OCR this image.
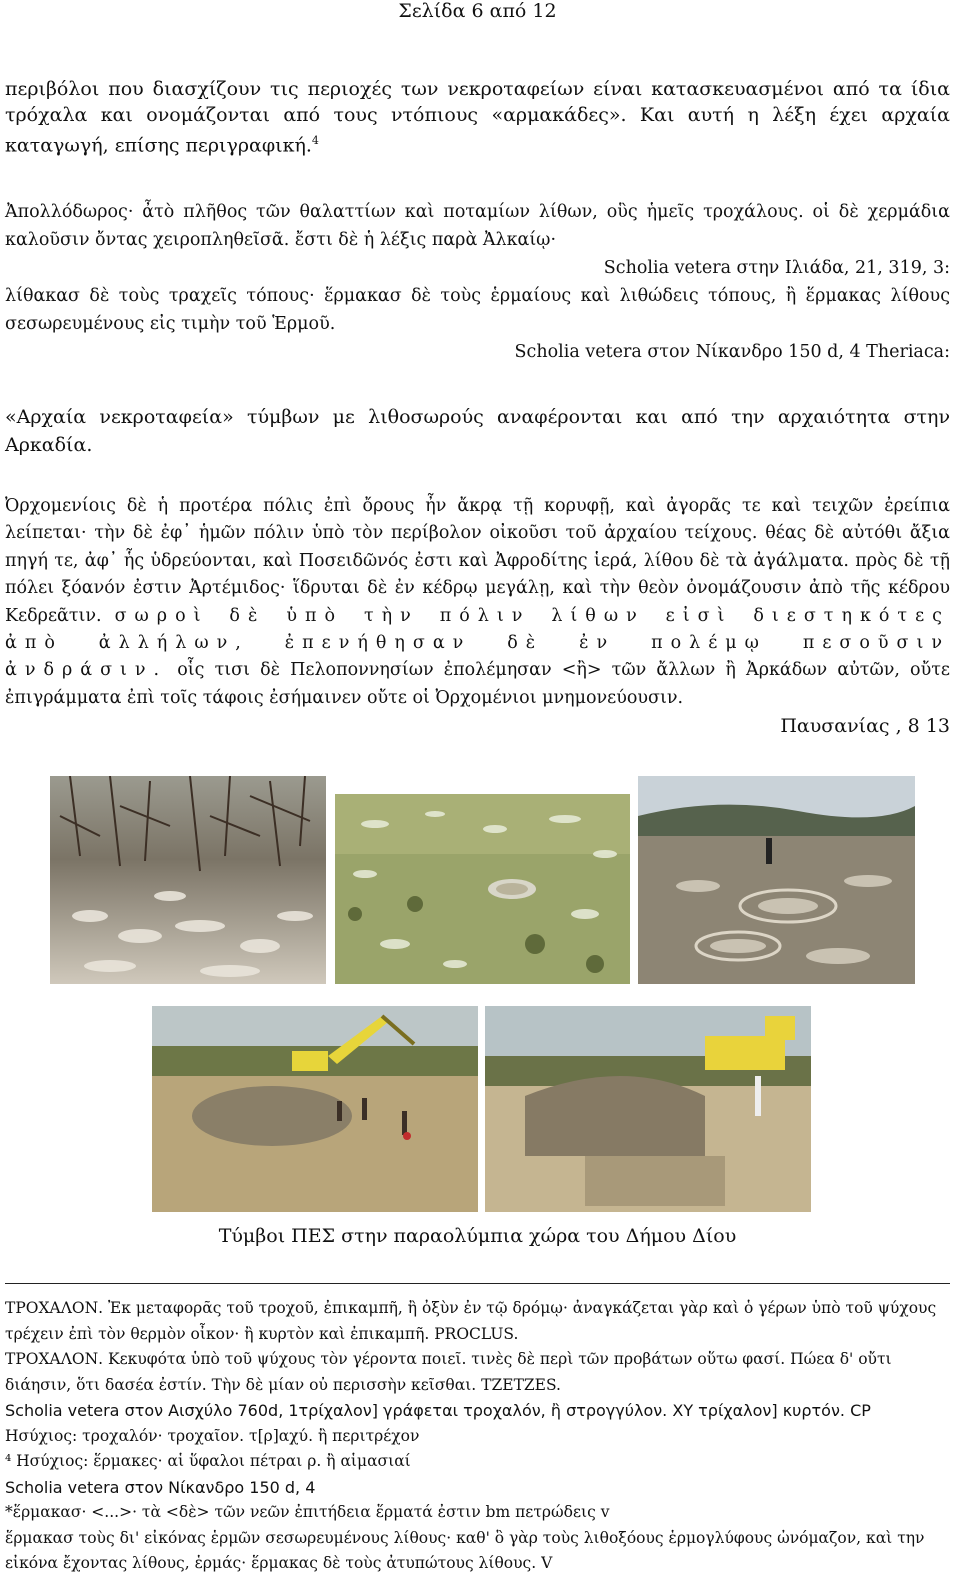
Σελίδα 6 από 12

περιβόλοι που διασχίζουν τις περιοχές των νεκροταφείων είναι κατασκευασμένοι από τα ίδια τρόχαλα και ονομάζονται από τους ντόπιους «αρμακάδες». Και αυτή η λέξη έχει αρχαία καταγωγή, επίσης περιγραφική.$^4$

Ἀπολλόδωρος· ἆτὸ πλῆθος τῶν θαλαττίων καὶ ποταμίων λίθων, οὓς ἡμεῖς τροχάλους. οἱ δὲ χερμάδια καλοῦσιν ὄντας χειροπληθεῖσᾶ. ἔστι δὲ ἡ λέξις παρὰ Ἀλκαίῳ·

Scholia vetera στην Ιλιάδα, 21, 319, 3:

λίθακασ δὲ τοὺς τραχεῖς τόπους· ἕρμακασ δὲ τοὺς ἑρμαίους καὶ λιθώδεις τόπους, ἢ ἕρμακας λίθους σεσωρευμένους εἰς τιμὴν τοῦ Ἑρμοῦ.

Scholia vetera στον Νίκανδρο 150 d, 4 Theriaca:

«Αρχαία νεκροταφεία» τύμβων με λιθοσωρούς αναφέρονται και από την αρχαιότητα στην Αρκαδία.

Ὀρχομενίοις δὲ ἡ προτέρα πόλις ἐπὶ ὄρους ἦν ἄκρᾳ τῇ κορυφῇ, καὶ ἀγορᾶς τε καὶ τειχῶν ἐρείπια λείπεται· τὴν δὲ ἐφ᾽ ἡμῶν πόλιν ὑπὸ τὸν περίβολον οἰκοῦσι τοῦ ἀρχαίου τείχους. θέας δὲ αὐτόθι ἄξια πηγή τε, ἀφ᾽ ἧς ὑδρεύονται, καὶ Ποσειδῶνός ἐστι καὶ Ἀφροδίτης ἱερά, λίθου δὲ τὰ ἀγάλματα. πρὸς δὲ τῇ πόλει ξόανόν ἐστιν Ἀρτέμιδος· ἵδρυται δὲ ἐν κέδρῳ μεγάλῃ, καὶ τὴν θεὸν ὀνομάζουσιν ἀπὸ τῆς κέδρου Κεδρεᾶτιν. σωροὶ δὲ ὑπὸ τὴν πόλιν λίθων εἰσὶ διεστηκότες ἀπὸ ἀλλήλων, ἐπενήθησαν δὲ ἐν πολέμῳ πεσοῦσιν ἀνδράσιν. οἷς τισι δὲ Πελοποννησίων ἐπολέμησαν <ἢ> τῶν ἄλλων ἢ Ἀρκάδων αὐτῶν, οὔτε ἐπιγράμματα ἐπὶ τοῖς τάφοις ἐσήμαινεν οὔτε οἱ Ὀρχομένιοι μνημονεύουσιν.

Παυσανίας , 8 13

Τύμβοι ΠΕΣ στην παραολύμπια χώρα του Δήμου Δίου

ΤΡΟΧΑΛΟΝ. Ἐκ μεταφορᾶς τοῦ τροχοῦ, ἐπικαμπῆ, ἢ ὀξὺν ἐν τῷ δρόμῳ· ἀναγκάζεται γὰρ καὶ ὁ γέρων ὑπὸ τοῦ ψύχους τρέχειν ἐπὶ τὸν θερμὸν οἶκον· ἢ κυρτὸν καὶ ἐπικαμπῆ. PROCLUS.

ΤΡΟΧΑΛΟΝ. Κεκυφότα ὑπὸ τοῦ ψύχους τὸν γέροντα ποιεῖ. τινὲς δὲ περὶ τῶν προβάτων οὕτω φασί. Πώεα δ' οὔτι διάησιν, ὅτι δασέα ἐστίν. Τὴν δὲ μίαν οὐ περισσὴν κεῖσθαι. TZETZES.

Scholia vetera στον Αισχύλο 760d, 1τρίχαλον] γράφεται τροχαλόν, ἢ στρογγύλον. XY τρίχαλον] κυρτόν. CP

Ησύχιος: τροχαλόν· τροχαῖον. τ[ρ]αχύ. ἢ περιτρέχον

⁴ Ησύχιος: ἕρμακες· αἱ ὕφαλοι πέτραι ρ. ἢ αἱμασιαί

Scholia vetera στον Νίκανδρο 150 d, 4

*ἕρμακασ· <...>· τὰ <δὲ> τῶν νεῶν ἐπιτήδεια ἕρματά ἐστιν bm πετρώδεις v

ἕρμακασ τοὺς δι' εἰκόνας ἑρμῶν σεσωρευμένους λίθους· καθ' ὃ γὰρ τοὺς λιθοξόους ἑρμογλύφους ὠνόμαζον, καὶ την εἰκόνα ἔχοντας λίθους, ἑρμάς· ἕρμακας δὲ τοὺς ἀτυπώτους λίθους. V
